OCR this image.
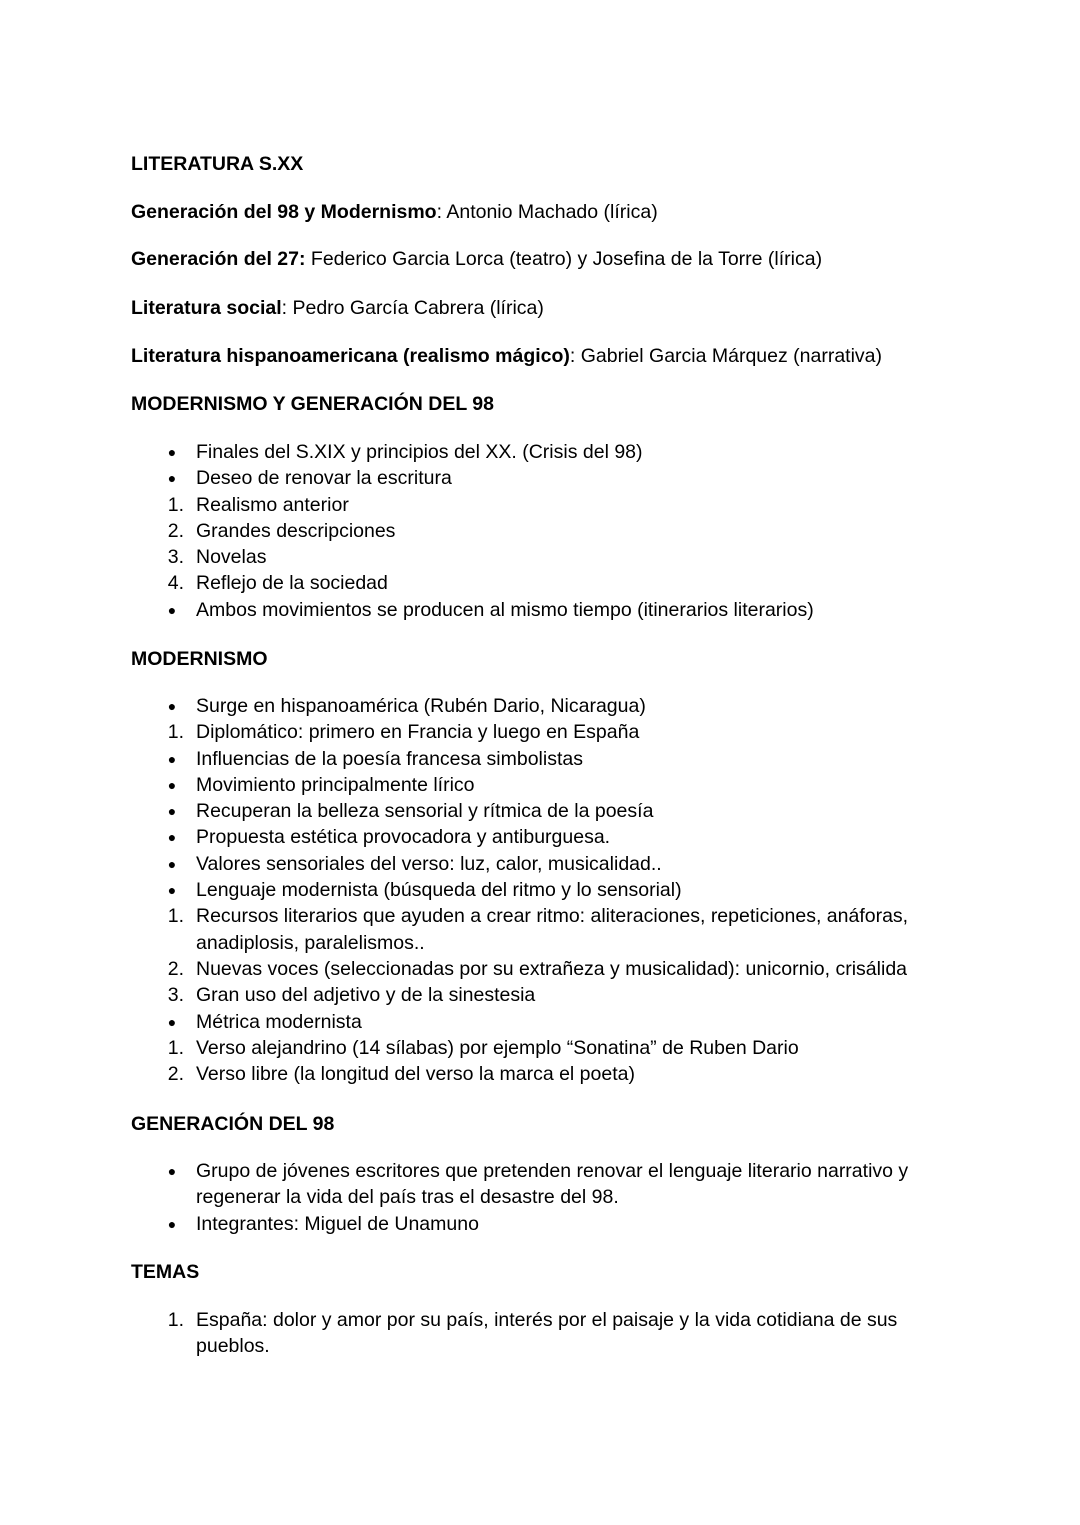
LITERATURA S.XX
Generación del 98 y Modernismo: Antonio Machado (lírica)
Generación del 27: Federico Garcia Lorca (teatro) y Josefina de la Torre (lírica)
Literatura social: Pedro García Cabrera (lírica)
Literatura hispanoamericana (realismo mágico): Gabriel Garcia Márquez (narrativa)
MODERNISMO Y GENERACIÓN DEL 98
● Finales del S.XIX y principios del XX. (Crisis del 98)
● Deseo de renovar la escritura
1. Realismo anterior
2. Grandes descripciones
3. Novelas
4. Reflejo de la sociedad
● Ambos movimientos se producen al mismo tiempo (itinerarios literarios)
MODERNISMO
● Surge en hispanoamérica (Rubén Dario, Nicaragua)
1. Diplomático: primero en Francia y luego en España
● Influencias de la poesía francesa simbolistas
● Movimiento principalmente lírico
● Recuperan la belleza sensorial y rítmica de la poesía
● Propuesta estética provocadora y antiburguesa.
● Valores sensoriales del verso: luz, calor, musicalidad..
● Lenguaje modernista (búsqueda del ritmo y lo sensorial)
1. Recursos literarios que ayuden a crear ritmo: aliteraciones, repeticiones, anáforas, anadiplosis, paralelismos..
2. Nuevas voces (seleccionadas por su extrañeza y musicalidad): unicornio, crisálida
3. Gran uso del adjetivo y de la sinestesia
● Métrica modernista
1. Verso alejandrino (14 sílabas) por ejemplo “Sonatina” de Ruben Dario
2. Verso libre (la longitud del verso la marca el poeta)
GENERACIÓN DEL 98
● Grupo de jóvenes escritores que pretenden renovar el lenguaje literario narrativo y regenerar la vida del país tras el desastre del 98.
● Integrantes: Miguel de Unamuno
TEMAS
1. España: dolor y amor por su país, interés por el paisaje y la vida cotidiana de sus pueblos.
